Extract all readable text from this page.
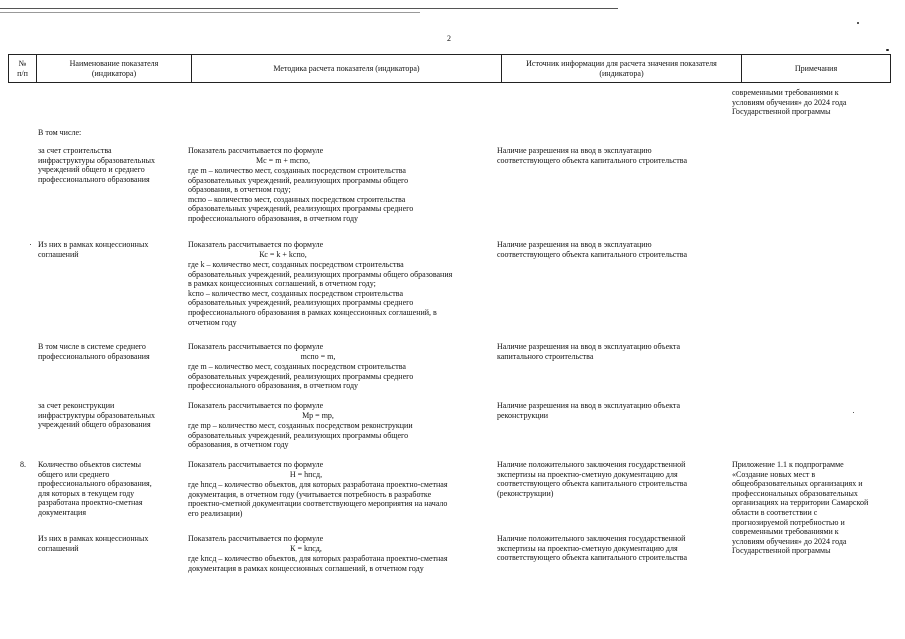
2
№
п/п
Наименование показателя
(индикатора)
Методика расчета показателя (индикатора)
Источник информации для расчета значения показателя
(индикатора)
Примечания
современными требованиями к
условиям обучения» до 2024 года
Государственной программы
В том числе:
за счет строительства
инфраструктуры образовательных
учреждений общего и среднего
профессионального образования
Показатель рассчитывается по формуле
Мс = m + mспо,
где m – количество мест, созданных посредством строительства
образовательных учреждений, реализующих программы общего
образования, в отчетном году;
mспо – количество мест, созданных посредством строительства
образовательных учреждений, реализующих программы среднего
профессионального образования, в отчетном году
Наличие разрешения на ввод в эксплуатацию
соответствующего объекта капитального строительства
Из них в рамках концессионных
соглашений
Показатель рассчитывается по формуле
Кс = k + kспо,
где k – количество мест, созданных посредством строительства
образовательных учреждений, реализующих программы общего образования
в рамках концессионных соглашений, в отчетном году;
kспо – количество мест, созданных посредством строительства
образовательных учреждений, реализующих программы среднего
профессионального образования в рамках концессионных соглашений, в
отчетном году
Наличие разрешения на ввод в эксплуатацию
соответствующего объекта капитального строительства
В том числе в системе среднего
профессионального образования
Показатель рассчитывается по формуле
mспо = m,
где m – количество мест, созданных посредством строительства
образовательных учреждений, реализующих программы среднего
профессионального образования, в отчетном году
Наличие разрешения на ввод в эксплуатацию объекта
капитального строительства
за счет реконструкции
инфраструктуры образовательных
учреждений общего образования
Показатель рассчитывается по формуле
Мр = mр,
где mр – количество мест, созданных посредством реконструкции
образовательных учреждений, реализующих программы общего
образования, в отчетном году
Наличие разрешения на ввод в эксплуатацию объекта
реконструкции
8. Количество объектов системы
общего или среднего
профессионального образования,
для которых в текущем году
разработана проектно-сметная
документация
Показатель рассчитывается по формуле
Н = hпсд,
где hпсд – количество объектов, для которых разработана проектно-сметная
документация, в отчетном году (учитывается потребность в разработке
проектно-сметной документации соответствующего мероприятия на начало
его реализации)
Наличие положительного заключения государственной
экспертизы на проектно-сметную документацию для
соответствующего объекта капитального строительства
(реконструкции)
Приложение 1.1 к подпрограмме
«Создание новых мест в
общеобразовательных организациях и
профессиональных образовательных
организациях на территории Самарской
области в соответствии с
прогнозируемой потребностью и
современными требованиями к
условиям обучения» до 2024 года
Государственной программы
Из них в рамках концессионных
соглашений
Показатель рассчитывается по формуле
К = kпсд,
где kпсд – количество объектов, для которых разработана проектно-сметная
документация в рамках концессионных соглашений, в отчетном году
Наличие положительного заключения государственной
экспертизы на проектно-сметную документацию для
соответствующего объекта капитального строительства
